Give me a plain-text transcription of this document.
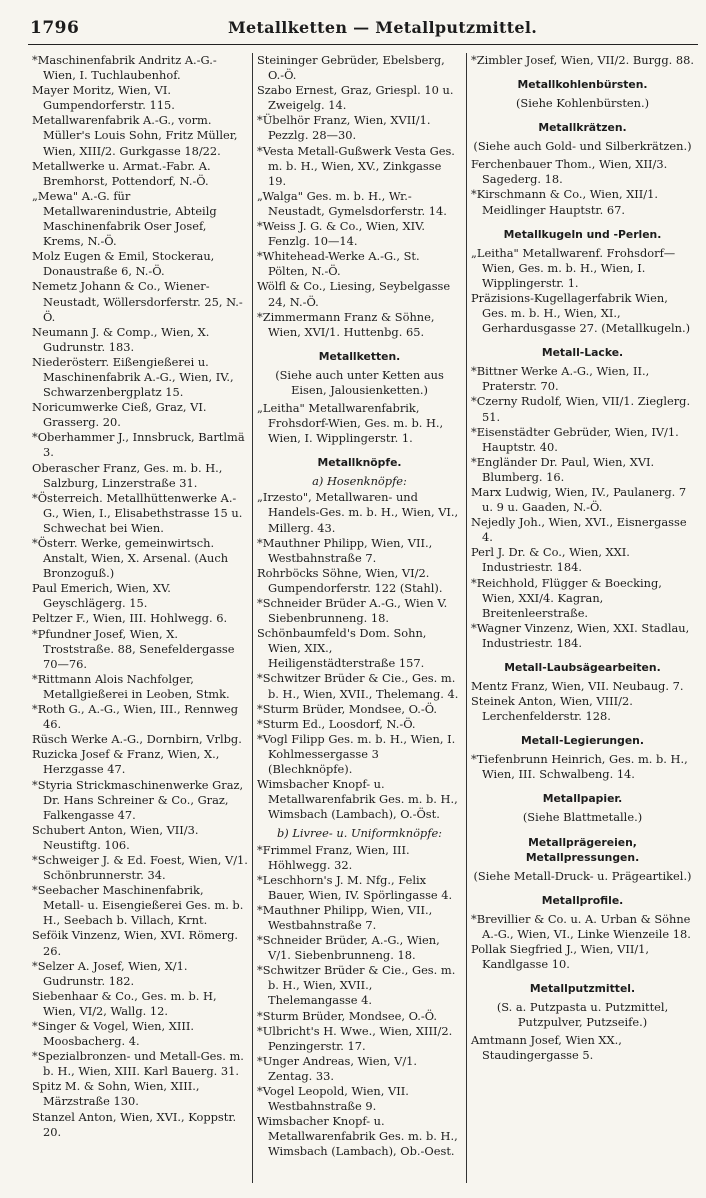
1796	Metallketten — Metallputzmittel.

*Maschinenfabrik Andritz A.-G.-Wien, I. Tuchlaubenhof.

Mayer Moritz, Wien, VI. Gumpendorferstr. 115.

Metallwarenfabrik A.-G., vorm. Müller's Louis Sohn, Fritz Müller, Wien, XIII/2. Gurkgasse 18/22.

Metallwerke u. Armat.-Fabr. A. Bremhorst, Pottendorf, N.-Ö.

„Mewa" A.-G. für Metallwarenindustrie, Abteilg Maschinenfabrik Oser Josef, Krems, N.-Ö.

Molz Eugen & Emil, Stockerau, Donaustraße 6, N.-Ö.

Nemetz Johann & Co., Wiener-Neustadt, Wöllersdorferstr. 25, N.-Ö.

Neumann J. & Comp., Wien, X. Gudrunstr. 183.

Niederösterr. Eißengießerei u. Maschinenfabrik A.-G., Wien, IV., Schwarzenbergplatz 15.

Noricumwerke Cieß, Graz, VI. Grasserg. 20.

*Oberhammer J., Innsbruck, Bartlmä 3.

Oberascher Franz, Ges. m. b. H., Salzburg, Linzerstraße 31.

*Österreich. Metallhüttenwerke A.-G., Wien, I., Elisabethstrasse 15 u. Schwechat bei Wien.

*Österr. Werke, gemeinwirtsch. Anstalt, Wien, X. Arsenal. (Auch Bronzoguß.)

Paul Emerich, Wien, XV. Geyschlägerg. 15.

Peltzer F., Wien, III. Hohlwegg. 6.

*Pfundner Josef, Wien, X. Troststraße. 88, Senefeldergasse 70—76.

*Rittmann Alois Nachfolger, Metallgießerei in Leoben, Stmk.

*Roth G., A.-G., Wien, III., Rennweg 46.

Rüsch Werke A.-G., Dornbirn, Vrlbg.

Ruzicka Josef & Franz, Wien, X., Herzgasse 47.

*Styria Strickmaschinenwerke Graz, Dr. Hans Schreiner & Co., Graz, Falkengasse 47.

Schubert Anton, Wien, VII/3. Neustiftg. 106.

*Schweiger J. & Ed. Foest, Wien, V/1. Schönbrunnerstr. 34.

*Seebacher Maschinenfabrik, Metall- u. Eisengießerei Ges. m. b. H., Seebach b. Villach, Krnt.

Seföik Vinzenz, Wien, XVI. Römerg. 26.

*Selzer A. Josef, Wien, X/1. Gudrunstr. 182.

Siebenhaar & Co., Ges. m. b. H, Wien, VI/2, Wallg. 12.

*Singer & Vogel, Wien, XIII. Moosbacherg. 4.

*Spezialbronzen- und Metall-Ges. m. b. H., Wien, XIII. Karl Bauerg. 31.

Spitz M. & Sohn, Wien, XIII., Märzstraße 130.

Stanzel Anton, Wien, XVI., Koppstr. 20.

Steininger Gebrüder, Ebelsberg, O.-Ö.

Szabo Ernest, Graz, Griespl. 10 u. Zweigelg. 14.

*Übelhör Franz, Wien, XVII/1. Pezzlg. 28—30.

*Vesta Metall-Gußwerk Vesta Ges. m. b. H., Wien, XV., Zinkgasse 19.

„Walga" Ges. m. b. H., Wr.-Neustadt, Gymelsdorferstr. 14.

*Weiss J. G. & Co., Wien, XIV. Fenzlg. 10—14.

*Whitehead-Werke A.-G., St. Pölten, N.-Ö.

Wölfl & Co., Liesing, Seybelgasse 24, N.-Ö.

*Zimmermann Franz & Söhne, Wien, XVI/1. Huttenbg. 65.

Metallketten.

(Siehe auch unter Ketten aus Eisen, Jalousienketten.)

„Leitha" Metallwarenfabrik, Frohsdorf-Wien, Ges. m. b. H., Wien, I. Wipplingerstr. 1.

Metallknöpfe.
a) Hosenknöpfe:

„Irzesto", Metallwaren- und Handels-Ges. m. b. H., Wien, VI., Millerg. 43.

*Mauthner Philipp, Wien, VII., Westbahnstraße 7.

Rohrböcks Söhne, Wien, VI/2. Gumpendorferstr. 122 (Stahl).

*Schneider Brüder A.-G., Wien V. Siebenbrunneng. 18.

Schönbaumfeld's Dom. Sohn, Wien, XIX., Heiligenstädterstraße 157.

*Schwitzer Brüder & Cie., Ges. m. b. H., Wien, XVII., Thelemang. 4.

*Sturm Brüder, Mondsee, O.-Ö.

*Sturm Ed., Loosdorf, N.-Ö.

*Vogl Filipp Ges. m. b. H., Wien, I. Kohlmessergasse 3 (Blechknöpfe).

Wimsbacher Knopf- u. Metallwarenfabrik Ges. m. b. H., Wimsbach (Lambach), O.-Öst.

b) Livree- u. Uniformknöpfe:

*Frimmel Franz, Wien, III. Höhlwegg. 32.

*Leschhorn's J. M. Nfg., Felix Bauer, Wien, IV. Spörlingasse 4.

*Mauthner Philipp, Wien, VII., Westbahnstraße 7.

*Schneider Brüder, A.-G., Wien, V/1. Siebenbrunneng. 18.

*Schwitzer Brüder & Cie., Ges. m. b. H., Wien, XVII., Thelemangasse 4.

*Sturm Brüder, Mondsee, O.-Ö.

*Ulbricht's H. Wwe., Wien, XIII/2. Penzingerstr. 17.

*Unger Andreas, Wien, V/1. Zentag. 33.

*Vogel Leopold, Wien, VII. Westbahnstraße 9.

Wimsbacher Knopf- u. Metallwarenfabrik Ges. m. b. H., Wimsbach (Lambach), Ob.-Oest.

*Zimbler Josef, Wien, VII/2. Burgg. 88.

Metallkohlenbürsten.

(Siehe Kohlenbürsten.)

Metallkrätzen.

(Siehe auch Gold- und Silberkrätzen.)

Ferchenbauer Thom., Wien, XII/3. Sagederg. 18.

*Kirschmann & Co., Wien, XII/1. Meidlinger Hauptstr. 67.

Metallkugeln und -Perlen.

„Leitha" Metallwarenf. Frohsdorf—Wien, Ges. m. b. H., Wien, I. Wipplingerstr. 1.

Präzisions-Kugellagerfabrik Wien, Ges. m. b. H., Wien, XI., Gerhardusgasse 27. (Metallkugeln.)

Metall-Lacke.

*Bittner Werke A.-G., Wien, II., Praterstr. 70.

*Czerny Rudolf, Wien, VII/1. Zieglerg. 51.

*Eisenstädter Gebrüder, Wien, IV/1. Hauptstr. 40.

*Engländer Dr. Paul, Wien, XVI. Blumberg. 16.

Marx Ludwig, Wien, IV., Paulanerg. 7 u. 9 u. Gaaden, N.-Ö.

Nejedly Joh., Wien, XVI., Eisnergasse 4.

Perl J. Dr. & Co., Wien, XXI. Industriestr. 184.

*Reichhold, Flügger & Boecking, Wien, XXI/4. Kagran, Breitenleerstraße.

*Wagner Vinzenz, Wien, XXI. Stadlau, Industriestr. 184.

Metall-Laubsägearbeiten.

Mentz Franz, Wien, VII. Neubaug. 7.

Steinek Anton, Wien, VIII/2. Lerchenfelderstr. 128.

Metall-Legierungen.

*Tiefenbrunn Heinrich, Ges. m. b. H., Wien, III. Schwalbeng. 14.

Metallpapier.

(Siehe Blattmetalle.)

Metallprägereien, Metallpressungen.

(Siehe Metall-Druck- u. Prägeartikel.)

Metallprofile.

*Brevillier & Co. u. A. Urban & Söhne A.-G., Wien, VI., Linke Wienzeile 18.

Pollak Siegfried J., Wien, VII/1, Kandlgasse 10.

Metallputzmittel.

(S. a. Putzpasta u. Putzmittel, Putzpulver, Putzseife.)

Amtmann Josef, Wien XX., Staudingergasse 5.
